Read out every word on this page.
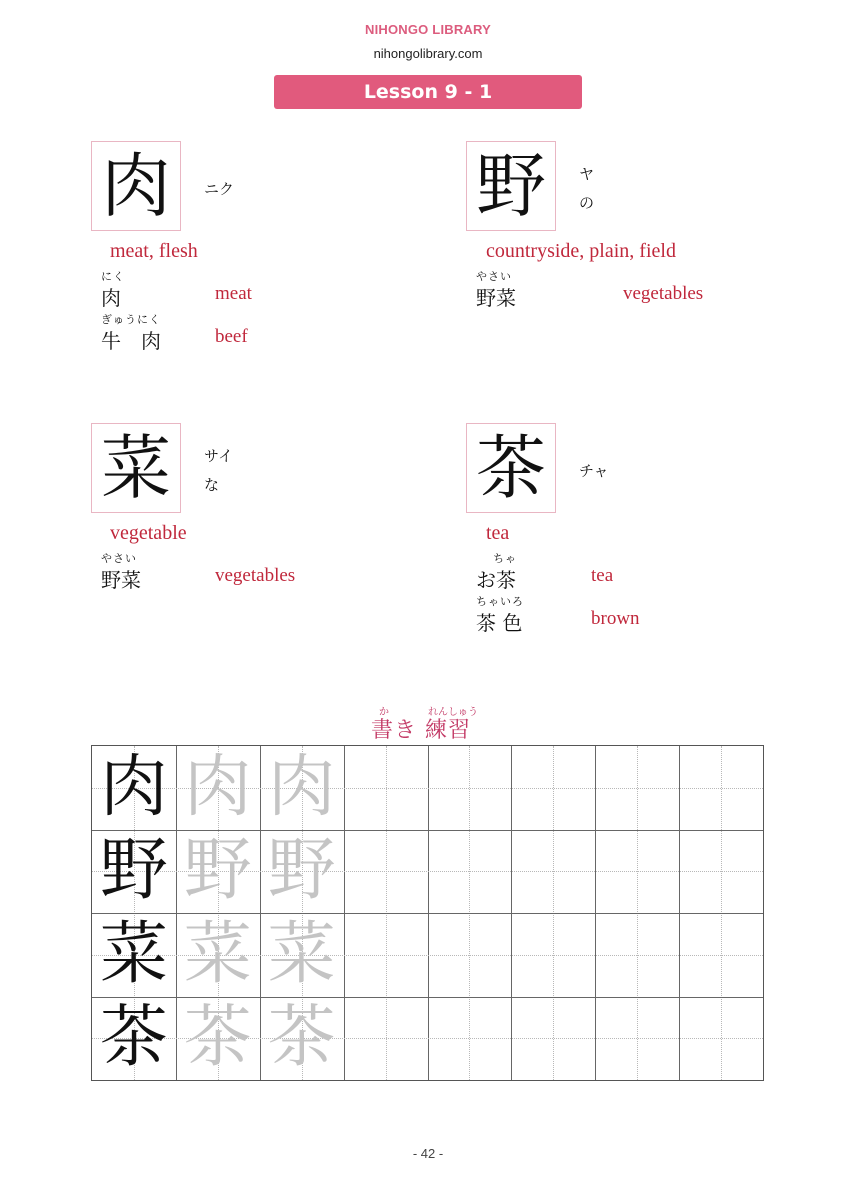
NIHONGO LIBRARY
nihongolibrary.com
Lesson 9 - 1
肉	ニク
meat, flesh
にく
肉	meat
ぎゅうにく
牛　肉	beef
野	ヤ
の
countryside, plain, field
やさい
野菜	vegetables
菜	サイ
な
vegetable
やさい
野菜	vegetables
茶	チャ
tea
ちゃ
お茶	tea
ちゃいろ
茶 色	brown
か	れんしゅう
書き 練習
肉 肉 肉
野 野 野
菜 菜 菜
茶 茶 茶
- 42 -
